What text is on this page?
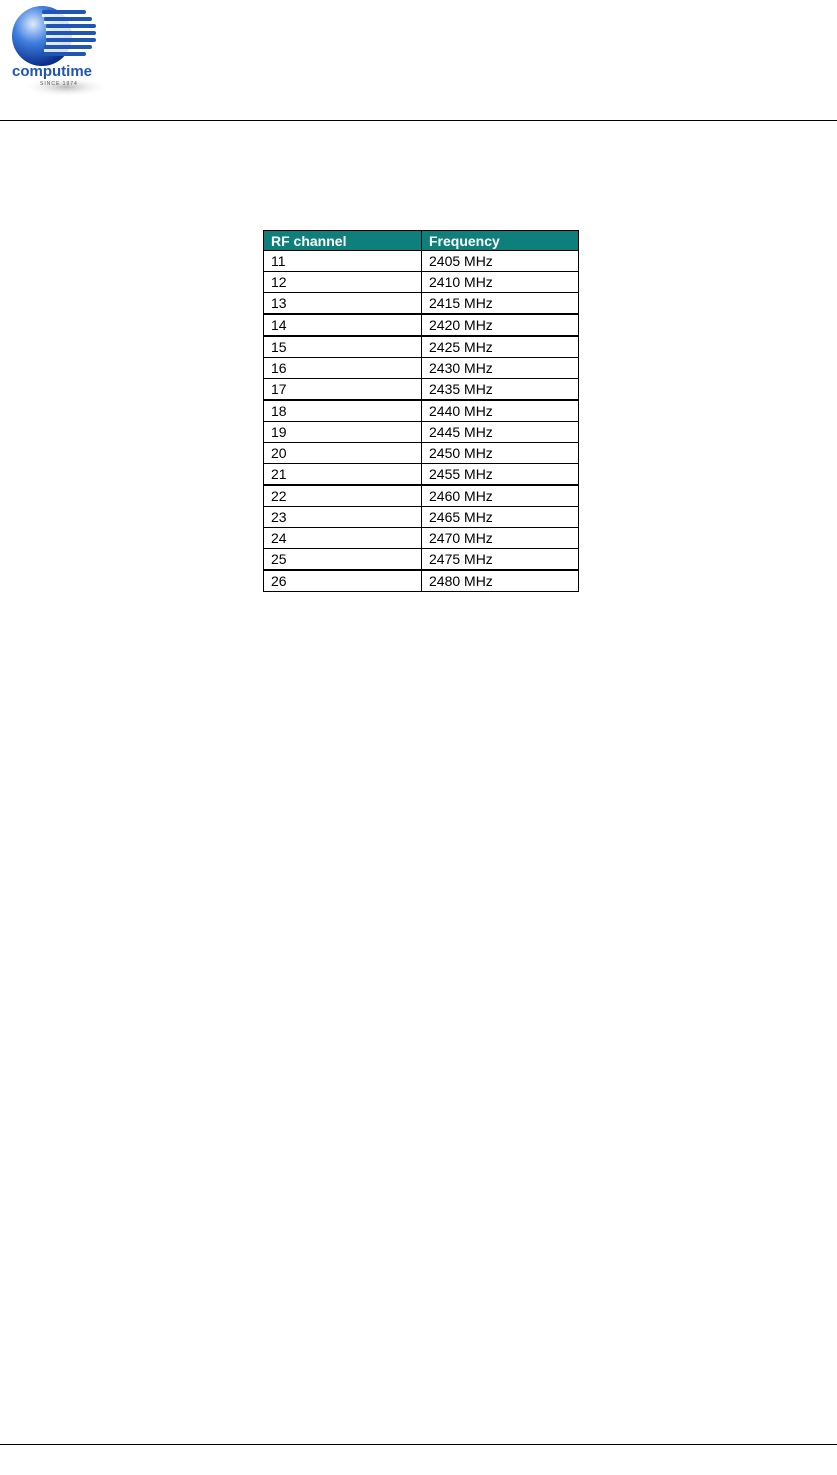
computime
SINCE 1974
RF channel	Frequency
11	2405 MHz
12	2410 MHz
13	2415 MHz
14	2420 MHz
15	2425 MHz
16	2430 MHz
17	2435 MHz
18	2440 MHz
19	2445 MHz
20	2450 MHz
21	2455 MHz
22	2460 MHz
23	2465 MHz
24	2470 MHz
25	2475 MHz
26	2480 MHz
